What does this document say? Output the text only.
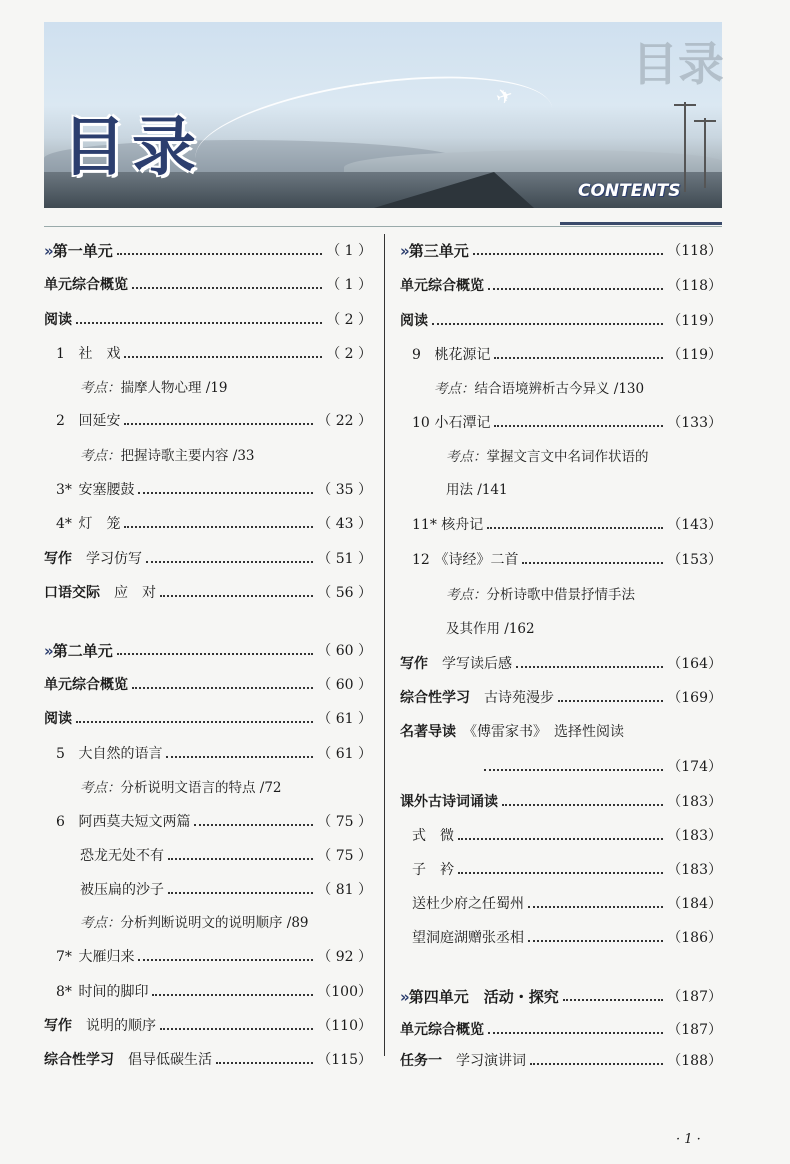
✈
目录
目录
CONTENTS
» 第一单元	（ 1 ）
单元综合概览	（ 1 ）
阅读	（ 2 ）
1 社　戏	（ 2 ）
考点：揣摩人物心理 /19
2 回延安	（ 22 ）
考点：把握诗歌主要内容 /33
3* 安塞腰鼓	（ 35 ）
4* 灯　笼	（ 43 ）
写作　 学习仿写	（ 51 ）
口语交际　 应　对	（ 56 ）
» 第二单元	（ 60 ）
单元综合概览	（ 60 ）
阅读	（ 61 ）
5 大自然的语言	（ 61 ）
考点：分析说明文语言的特点 /72
6 阿西莫夫短文两篇	（ 75 ）
恐龙无处不有	（ 75 ）
被压扁的沙子	（ 81 ）
考点：分析判断说明文的说明顺序 /89
7* 大雁归来	（ 92 ）
8* 时间的脚印	（100）
写作　 说明的顺序	（110）
综合性学习　 倡导低碳生活	（115）
» 第三单元	（118）
单元综合概览	（118）
阅读	（119）
9 桃花源记	（119）
考点：结合语境辨析古今异义 /130
10 小石潭记	（133）
考点：掌握文言文中名词作状语的
用法 /141
11* 核舟记	（143）
12 《诗经》二首	（153）
考点：分析诗歌中借景抒情手法
及其作用 /162
写作　 学写读后感	（164）
综合性学习　 古诗苑漫步	（169）
名著导读　 《傅雷家书》　选择性阅读
（174）
课外古诗词诵读	（183）
式　微	（183）
子　衿	（183）
送杜少府之任蜀州	（184）
望洞庭湖赠张丞相	（186）
» 第四单元　 活动・探究	（187）
单元综合概览	（187）
任务一　 学习演讲词	（188）
· 1 ·
